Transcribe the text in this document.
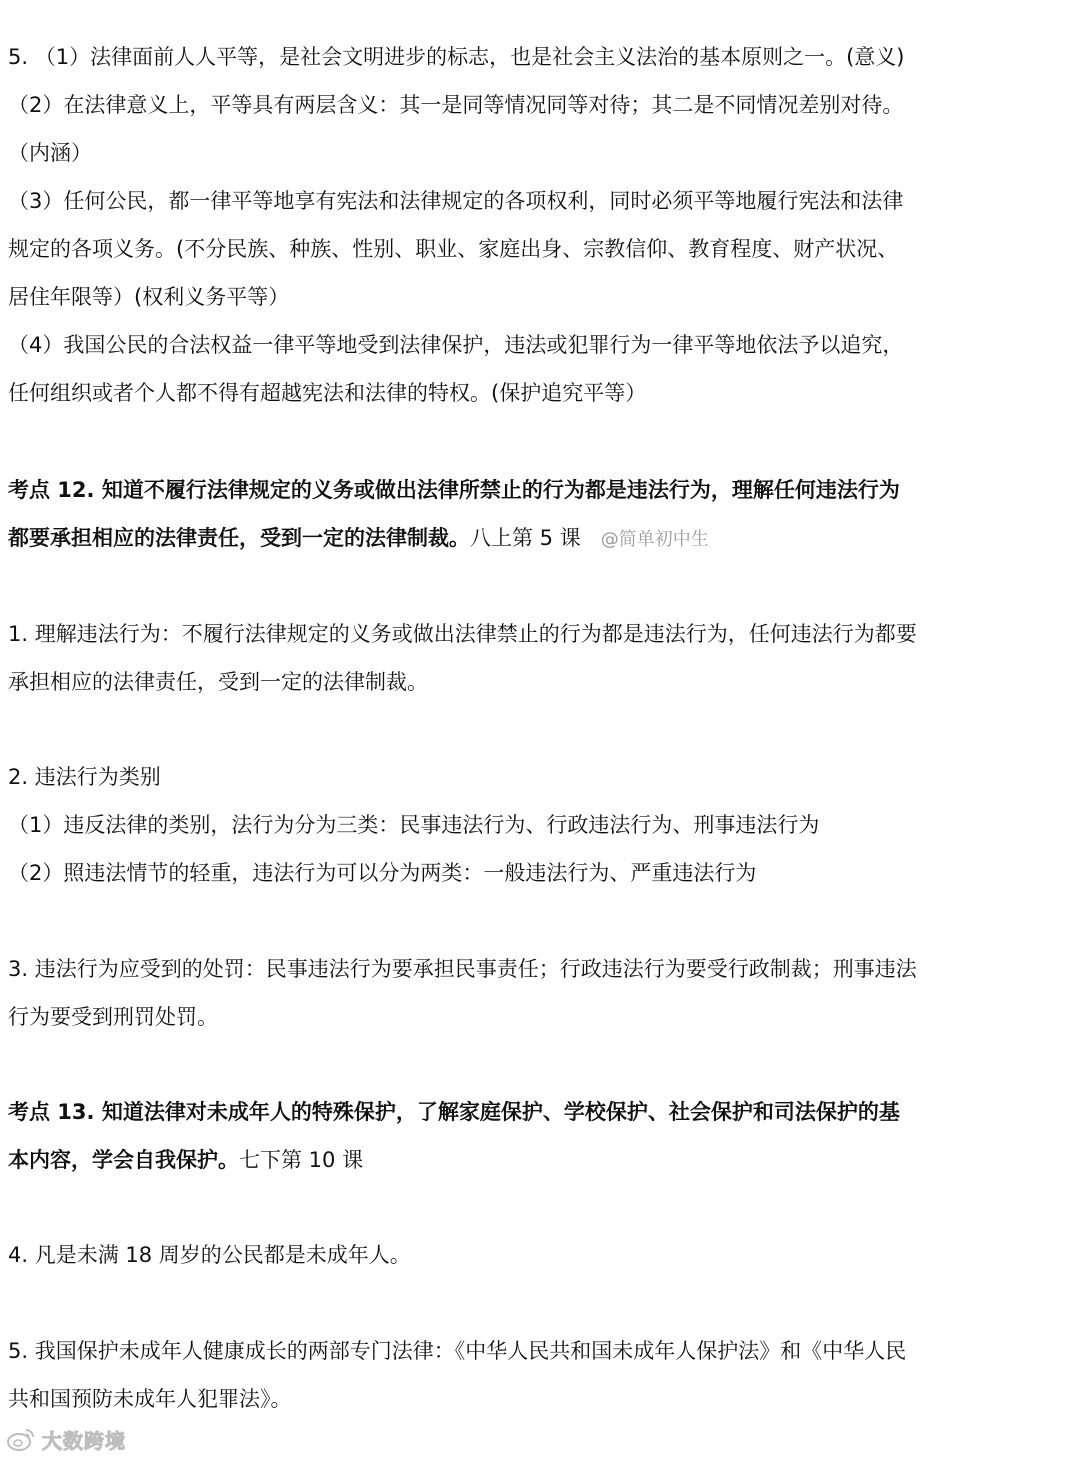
5. （1）法律面前人人平等，是社会文明进步的标志，也是社会主义法治的基本原则之一。(意义)
（2）在法律意义上，平等具有两层含义：其一是同等情况同等对待；其二是不同情况差别对待。
（内涵）
（3）任何公民，都一律平等地享有宪法和法律规定的各项权利，同时必须平等地履行宪法和法律
规定的各项义务。(不分民族、种族、性别、职业、家庭出身、宗教信仰、教育程度、财产状况、
居住年限等）(权利义务平等）
（4）我国公民的合法权益一律平等地受到法律保护，违法或犯罪行为一律平等地依法予以追究，
任何组织或者个人都不得有超越宪法和法律的特权。(保护追究平等）
考点 12. 知道不履行法律规定的义务或做出法律所禁止的行为都是违法行为，理解任何违法行为
都要承担相应的法律责任，受到一定的法律制裁。八上第 5 课 @简单初中生
1. 理解违法行为：不履行法律规定的义务或做出法律禁止的行为都是违法行为，任何违法行为都要
承担相应的法律责任，受到一定的法律制裁。
2. 违法行为类别
（1）违反法律的类别，法行为分为三类：民事违法行为、行政违法行为、刑事违法行为
（2）照违法情节的轻重，违法行为可以分为两类：一般违法行为、严重违法行为
3. 违法行为应受到的处罚：民事违法行为要承担民事责任；行政违法行为要受行政制裁；刑事违法
行为要受到刑罚处罚。
考点 13. 知道法律对未成年人的特殊保护，了解家庭保护、学校保护、社会保护和司法保护的基
本内容，学会自我保护。七下第 10 课
4. 凡是未满 18 周岁的公民都是未成年人。
5. 我国保护未成年人健康成长的两部专门法律：《中华人民共和国未成年人保护法》和《中华人民
共和国预防未成年人犯罪法》。
大数跨境
